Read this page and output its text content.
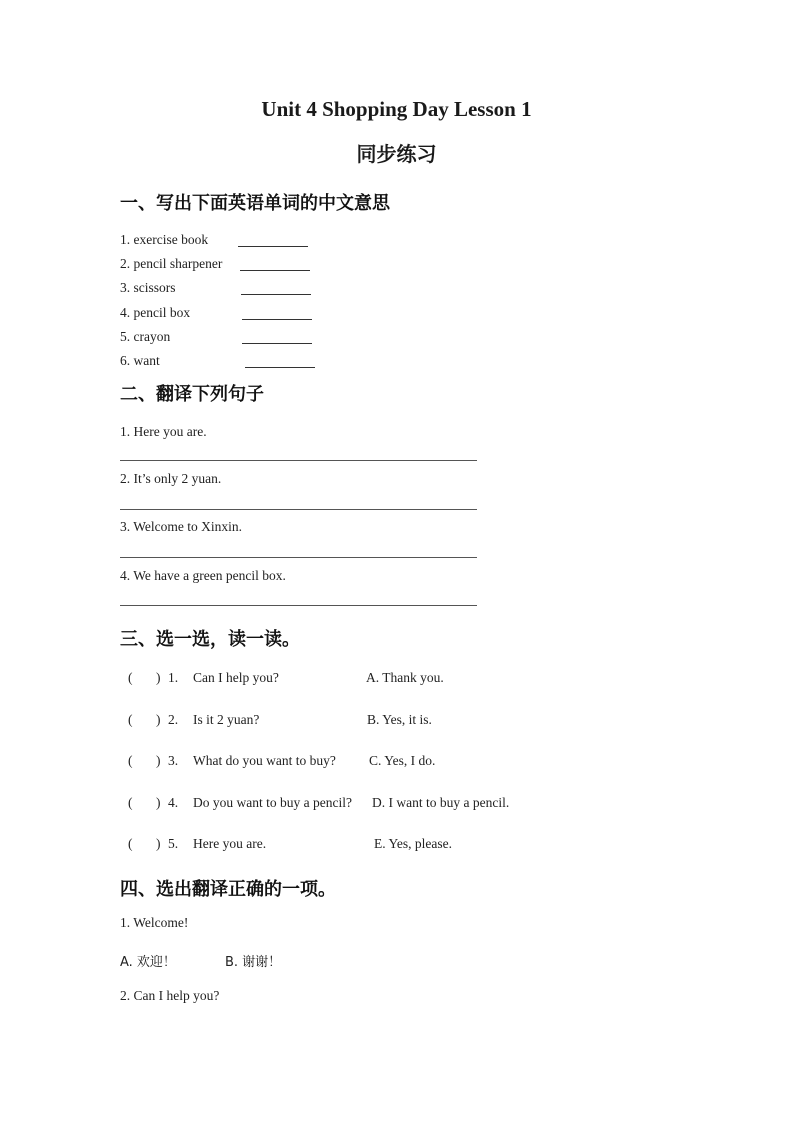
Unit 4 Shopping Day Lesson 1
同步练习
一、写出下面英语单词的中文意思
1. exercise book
2. pencil sharpener
3. scissors
4. pencil box
5. crayon
6. want
二、翻译下列句子
1. Here you are.
2. It’s only 2 yuan.
3. Welcome to Xinxin.
4. We have a green pencil box.
三、选一选，读一读。
( ) 1. Can I help you?	A. Thank you.
( ) 2. Is it 2 yuan?	B. Yes, it is.
( ) 3. What do you want to buy? C. Yes, I do.
( ) 4. Do you want to buy a pencil? D. I want to buy a pencil.
( ) 5. Here you are.	E. Yes, please.
四、选出翻译正确的一项。
1. Welcome!
A. 欢迎！	B. 谢谢！
2. Can I help you?
